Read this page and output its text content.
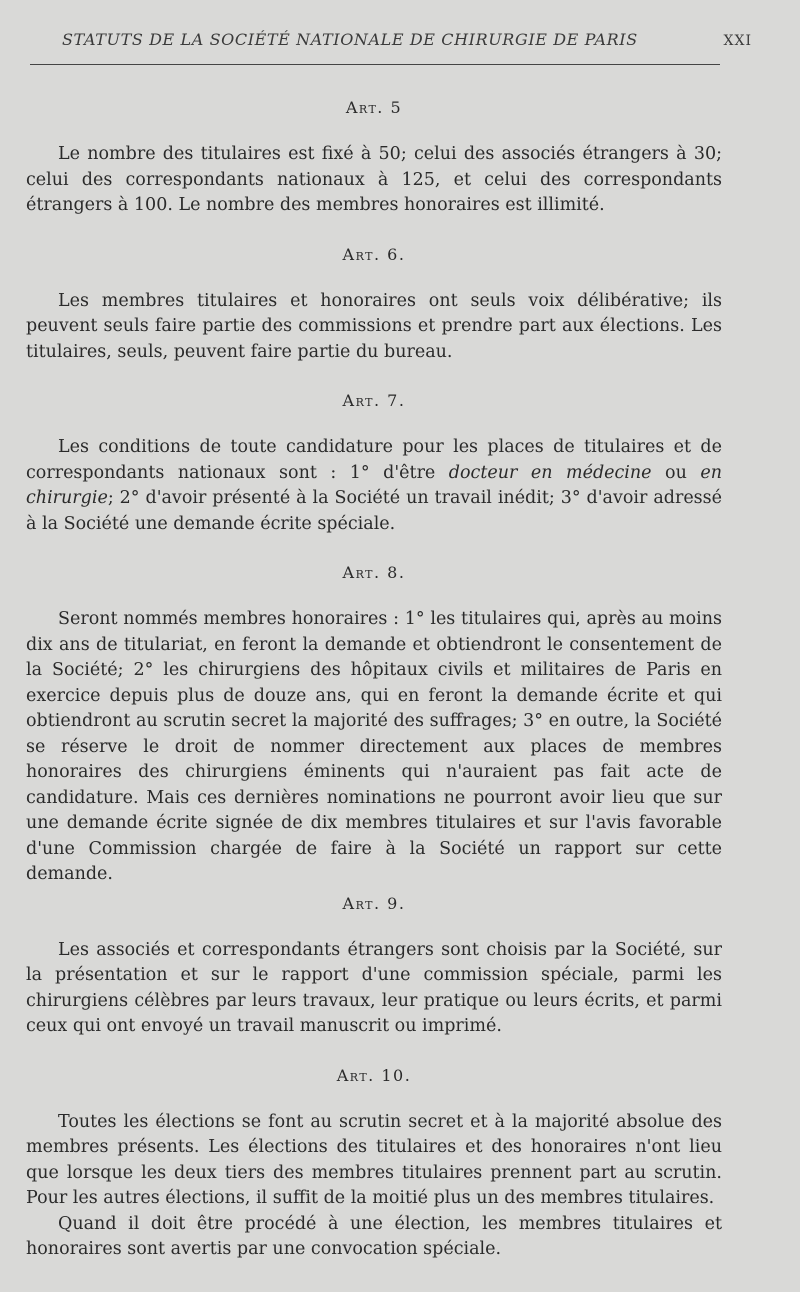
STATUTS DE LA SOCIÉTÉ NATIONALE DE CHIRURGIE DE PARIS	XXI
Art. 5

Le nombre des titulaires est fixé à 50; celui des associés étrangers à 30; celui des correspondants nationaux à 125, et celui des correspondants étrangers à 100. Le nombre des membres honoraires est illimité.

Art. 6.

Les membres titulaires et honoraires ont seuls voix délibérative; ils peuvent seuls faire partie des commissions et prendre part aux élections. Les titulaires, seuls, peuvent faire partie du bureau.

Art. 7.

Les conditions de toute candidature pour les places de titulaires et de correspondants nationaux sont : 1° d'être docteur en médecine ou en chirurgie; 2° d'avoir présenté à la Société un travail inédit; 3° d'avoir adressé à la Société une demande écrite spéciale.

Art. 8.

Seront nommés membres honoraires : 1° les titulaires qui, après au moins dix ans de titulariat, en feront la demande et obtiendront le consentement de la Société; 2° les chirurgiens des hôpitaux civils et militaires de Paris en exercice depuis plus de douze ans, qui en feront la demande écrite et qui obtiendront au scrutin secret la majorité des suffrages; 3° en outre, la Société se réserve le droit de nommer directement aux places de membres honoraires des chirurgiens éminents qui n'auraient pas fait acte de candidature. Mais ces dernières nominations ne pourront avoir lieu que sur une demande écrite signée de dix membres titulaires et sur l'avis favorable d'une Commission chargée de faire à la Société un rapport sur cette demande.

Art. 9.

Les associés et correspondants étrangers sont choisis par la Société, sur la présentation et sur le rapport d'une commission spéciale, parmi les chirurgiens célèbres par leurs travaux, leur pratique ou leurs écrits, et parmi ceux qui ont envoyé un travail manuscrit ou imprimé.

Art. 10.

Toutes les élections se font au scrutin secret et à la majorité absolue des membres présents. Les élections des titulaires et des honoraires n'ont lieu que lorsque les deux tiers des membres titulaires prennent part au scrutin. Pour les autres élections, il suffit de la moitié plus un des membres titulaires.

Quand il doit être procédé à une élection, les membres titulaires et honoraires sont avertis par une convocation spéciale.
